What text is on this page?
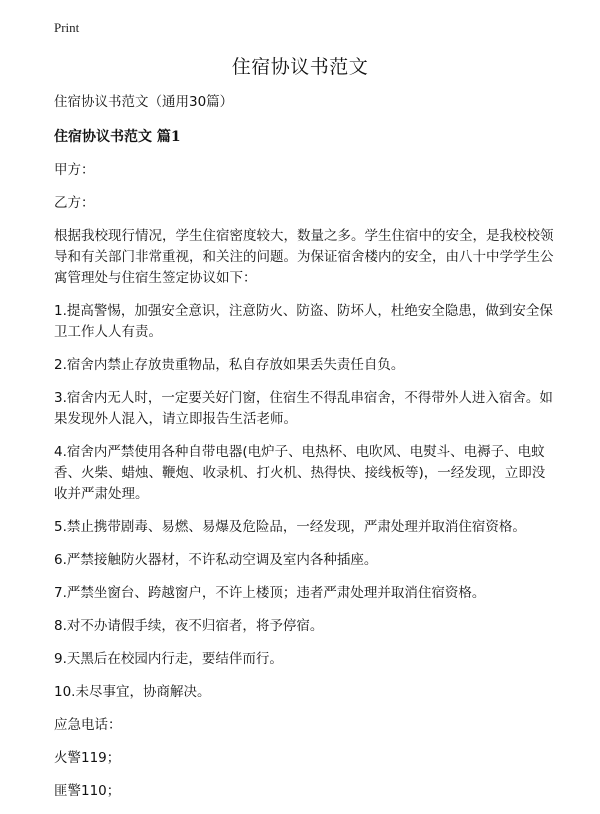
Print
住宿协议书范文

住宿协议书范文（通用30篇）

住宿协议书范文 篇1

甲方：

乙方：

根据我校现行情况，学生住宿密度较大，数量之多。学生住宿中的安全，是我校校领导和有关部门非常重视，和关注的问题。为保证宿舍楼内的安全，由八十中学学生公寓管理处与住宿生签定协议如下：

1.提高警惕，加强安全意识，注意防火、防盗、防坏人，杜绝安全隐患，做到安全保卫工作人人有责。

2.宿舍内禁止存放贵重物品，私自存放如果丢失责任自负。

3.宿舍内无人时，一定要关好门窗，住宿生不得乱串宿舍，不得带外人进入宿舍。如果发现外人混入，请立即报告生活老师。

4.宿舍内严禁使用各种自带电器(电炉子、电热杯、电吹风、电熨斗、电褥子、电蚊香、火柴、蜡烛、鞭炮、收录机、打火机、热得快、接线板等)，一经发现，立即没收并严肃处理。

5.禁止携带剧毒、易燃、易爆及危险品，一经发现，严肃处理并取消住宿资格。

6.严禁接触防火器材，不许私动空调及室内各种插座。

7.严禁坐窗台、跨越窗户，不许上楼顶；违者严肃处理并取消住宿资格。

8.对不办请假手续，夜不归宿者，将予停宿。

9.天黑后在校园内行走，要结伴而行。

10.未尽事宜，协商解决。

应急电话：

火警119；

匪警110；
